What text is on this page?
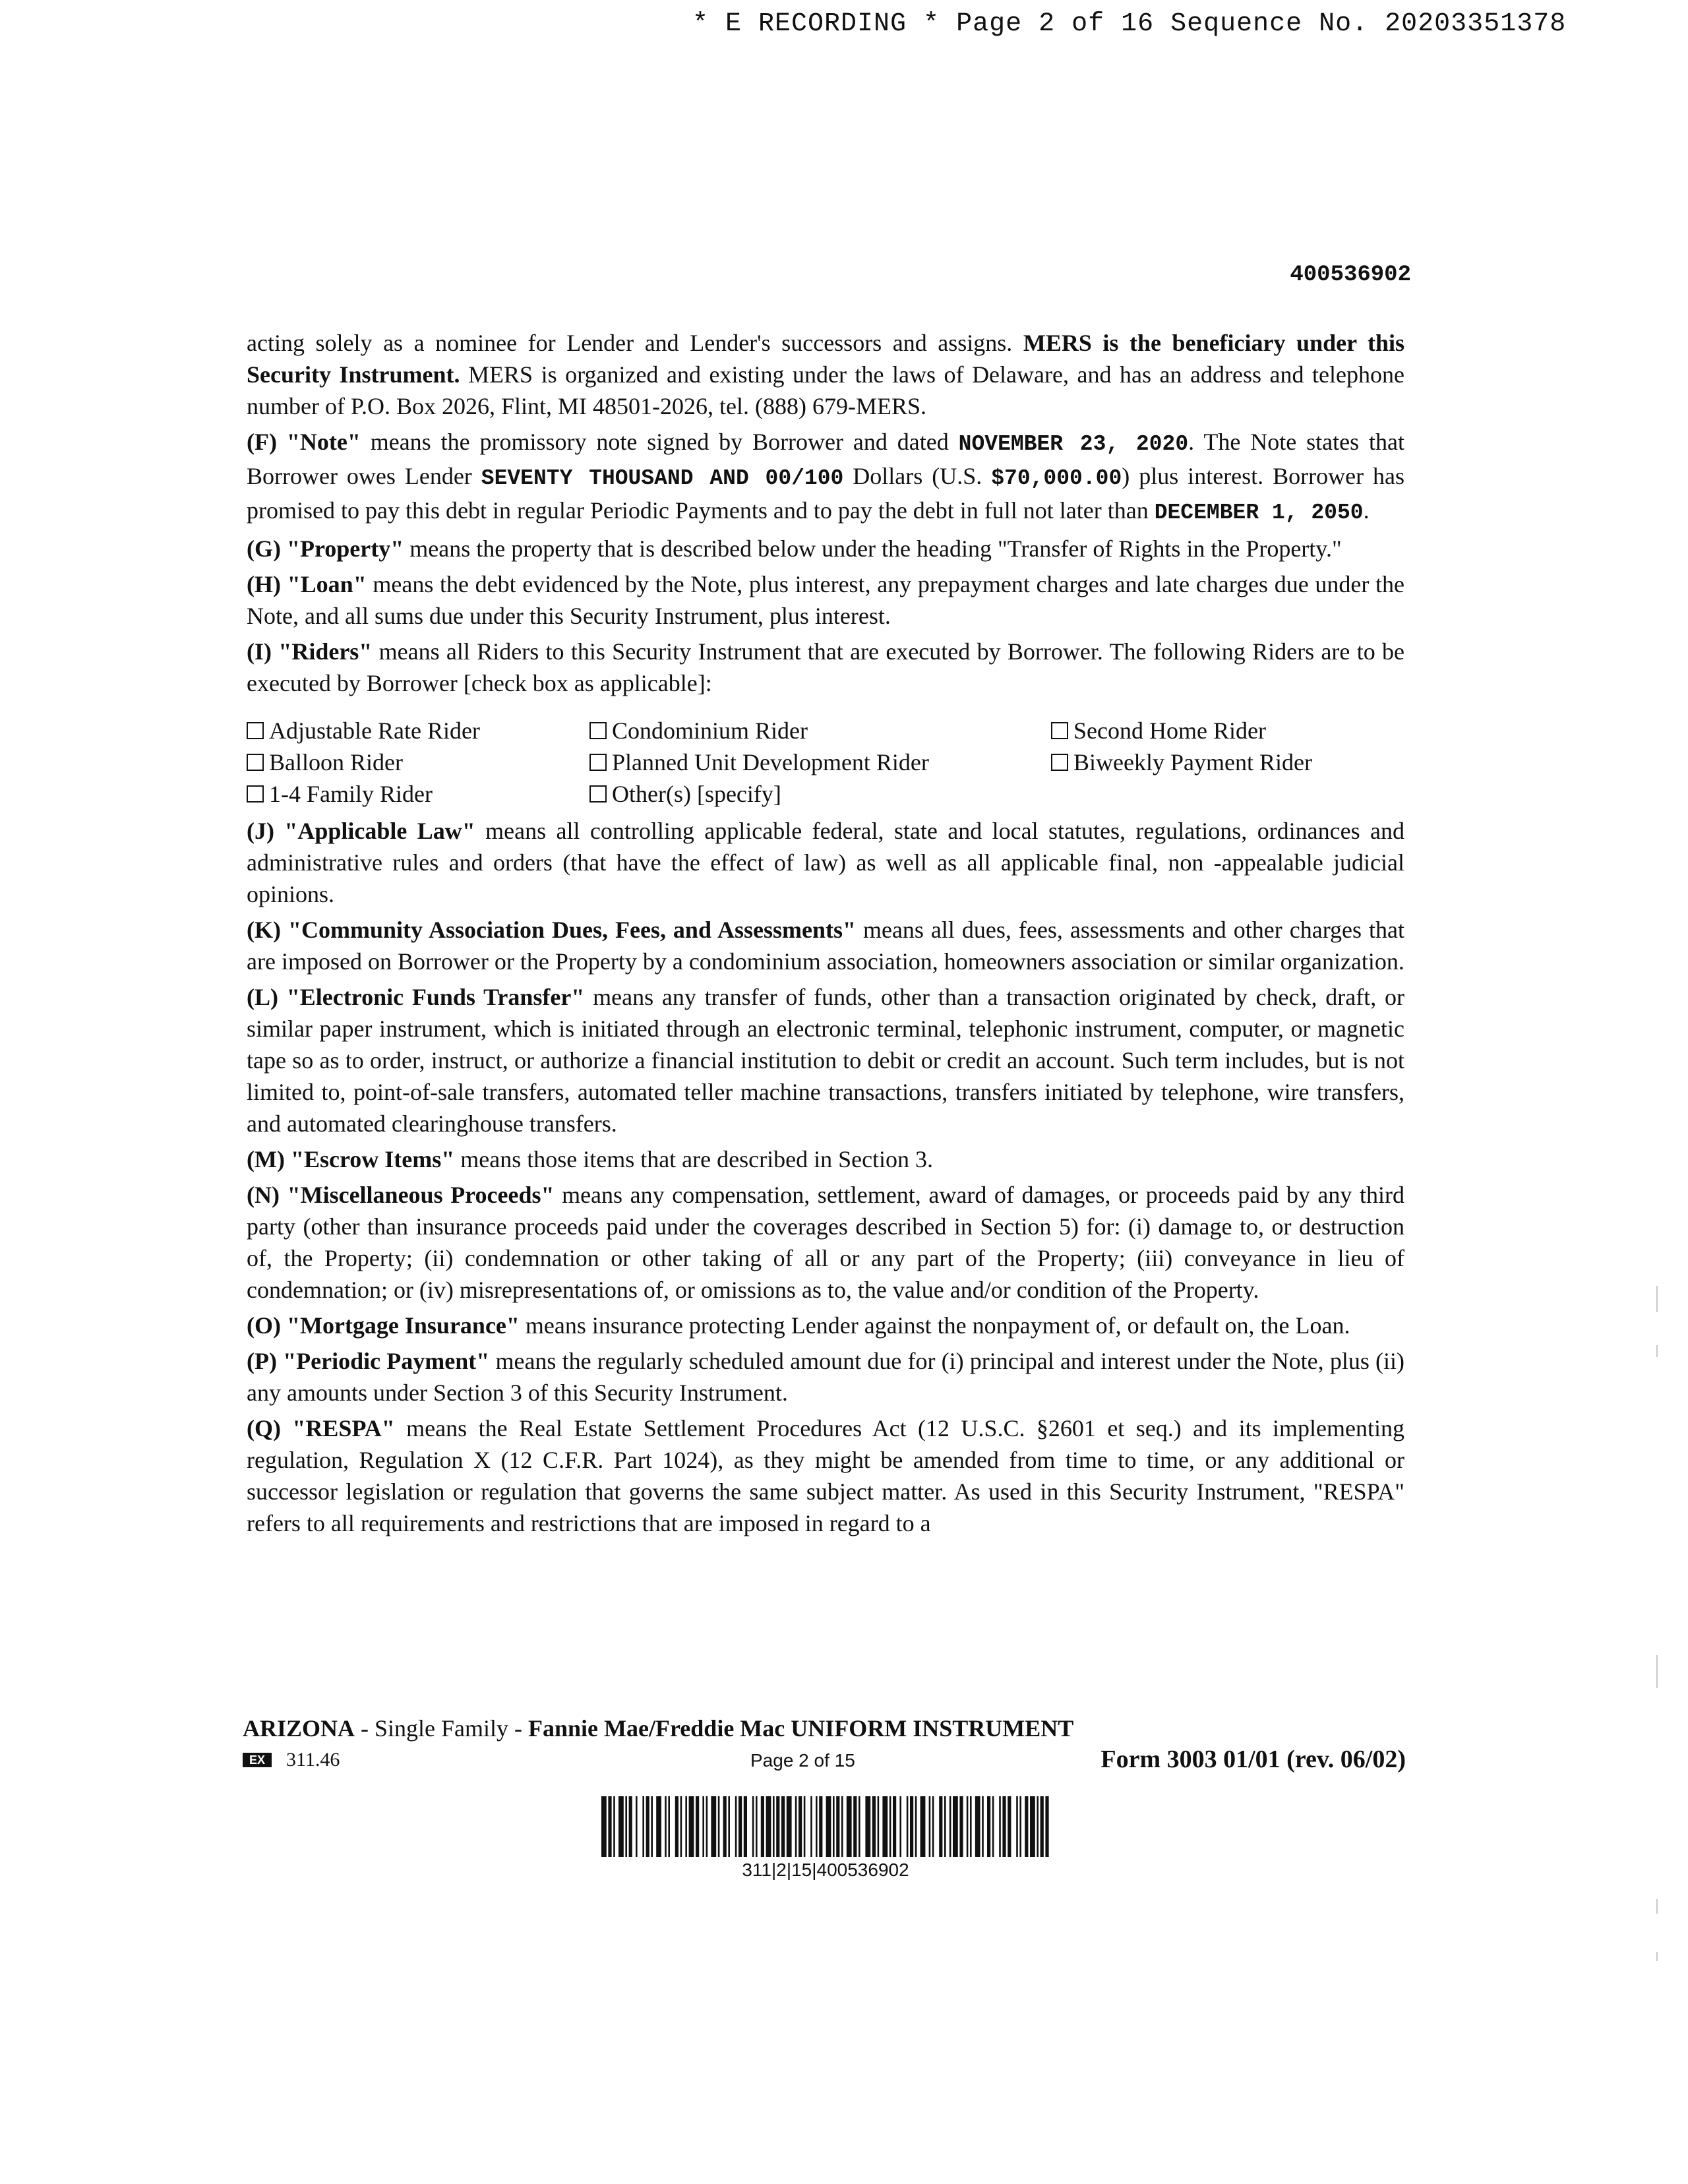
* E RECORDING * Page 2 of 16 Sequence No. 20203351378
400536902

acting solely as a nominee for Lender and Lender's successors and assigns. MERS is the beneficiary under this Security Instrument. MERS is organized and existing under the laws of Delaware, and has an address and telephone number of P.O. Box 2026, Flint, MI 48501-2026, tel. (888) 679-MERS.

(F) "Note" means the promissory note signed by Borrower and dated NOVEMBER 23, 2020. The Note states that Borrower owes Lender SEVENTY THOUSAND AND 00/100 Dollars (U.S. $70,000.00) plus interest. Borrower has promised to pay this debt in regular Periodic Payments and to pay the debt in full not later than DECEMBER 1, 2050.

(G) "Property" means the property that is described below under the heading "Transfer of Rights in the Property."

(H) "Loan" means the debt evidenced by the Note, plus interest, any prepayment charges and late charges due under the Note, and all sums due under this Security Instrument, plus interest.

(I) "Riders" means all Riders to this Security Instrument that are executed by Borrower. The following Riders are to be executed by Borrower [check box as applicable]:

Adjustable Rate Rider	Condominium Rider	Second Home Rider
Balloon Rider	Planned Unit Development Rider	Biweekly Payment Rider
1-4 Family Rider	Other(s) [specify]

(J) "Applicable Law" means all controlling applicable federal, state and local statutes, regulations, ordinances and administrative rules and orders (that have the effect of law) as well as all applicable final, non -appealable judicial opinions.

(K) "Community Association Dues, Fees, and Assessments" means all dues, fees, assessments and other charges that are imposed on Borrower or the Property by a condominium association, homeowners association or similar organization.

(L) "Electronic Funds Transfer" means any transfer of funds, other than a transaction originated by check, draft, or similar paper instrument, which is initiated through an electronic terminal, telephonic instrument, computer, or magnetic tape so as to order, instruct, or authorize a financial institution to debit or credit an account. Such term includes, but is not limited to, point-of-sale transfers, automated teller machine transactions, transfers initiated by telephone, wire transfers, and automated clearinghouse transfers.

(M) "Escrow Items" means those items that are described in Section 3.

(N) "Miscellaneous Proceeds" means any compensation, settlement, award of damages, or proceeds paid by any third party (other than insurance proceeds paid under the coverages described in Section 5) for: (i) damage to, or destruction of, the Property; (ii) condemnation or other taking of all or any part of the Property; (iii) conveyance in lieu of condemnation; or (iv) misrepresentations of, or omissions as to, the value and/or condition of the Property.

(O) "Mortgage Insurance" means insurance protecting Lender against the nonpayment of, or default on, the Loan.

(P) "Periodic Payment" means the regularly scheduled amount due for (i) principal and interest under the Note, plus (ii) any amounts under Section 3 of this Security Instrument.

(Q) "RESPA" means the Real Estate Settlement Procedures Act (12 U.S.C. §2601 et seq.) and its implementing regulation, Regulation X (12 C.F.R. Part 1024), as they might be amended from time to time, or any additional or successor legislation or regulation that governs the same subject matter. As used in this Security Instrument, "RESPA" refers to all requirements and restrictions that are imposed in regard to a

ARIZONA - Single Family - Fannie Mae/Freddie Mac UNIFORM INSTRUMENT
EX	311.46	Page 2 of 15	Form 3003 01/01 (rev. 06/02)
311|2|15|400536902
